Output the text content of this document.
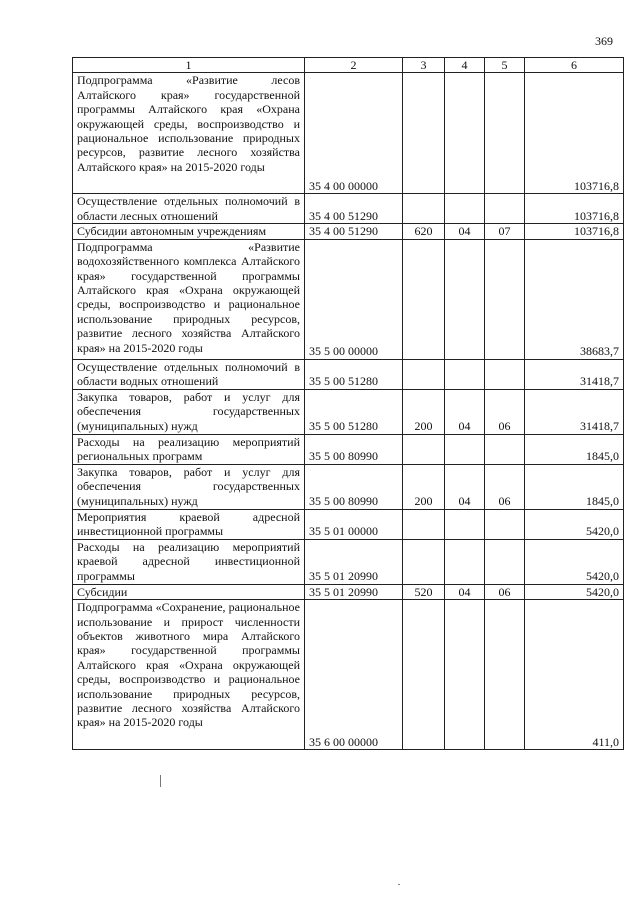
369
1	2	3	4	5	6
Подпрограмма «Развитие лесов Алтайского края» государственной программы Алтайского края «Охрана окружающей среды, воспроизводство и рациональное использование природных ресурсов, развитие лесного хозяйства Алтайского края» на 2015-2020 годы	35 4 00 00000				103716,8
Осуществление отдельных полномочий в области лесных отношений	35 4 00 51290				103716,8
Субсидии автономным учреждениям	35 4 00 51290	620	04	07	103716,8
Подпрограмма «Развитие водохозяйственного комплекса Алтайского края» государственной программы Алтайского края «Охрана окружающей среды, воспроизводство и рациональное использование природных ресурсов, развитие лесного хозяйства Алтайского края» на 2015-2020 годы	35 5 00 00000				38683,7
Осуществление отдельных полномочий в области водных отношений	35 5 00 51280				31418,7
Закупка товаров, работ и услуг для обеспечения государственных (муниципальных) нужд	35 5 00 51280	200	04	06	31418,7
Расходы на реализацию мероприятий региональных программ	35 5 00 80990				1845,0
Закупка товаров, работ и услуг для обеспечения государственных (муниципальных) нужд	35 5 00 80990	200	04	06	1845,0
Мероприятия краевой адресной инвестиционной программы	35 5 01 00000				5420,0
Расходы на реализацию мероприятий краевой адресной инвестиционной программы	35 5 01 20990				5420,0
Субсидии	35 5 01 20990	520	04	06	5420,0
Подпрограмма «Сохранение, рациональное использование и прирост численности объектов животного мира Алтайского края» государственной программы Алтайского края «Охрана окружающей среды, воспроизводство и рациональное использование природных ресурсов, развитие лесного хозяйства Алтайского края» на 2015-2020 годы	35 6 00 00000				411,0
